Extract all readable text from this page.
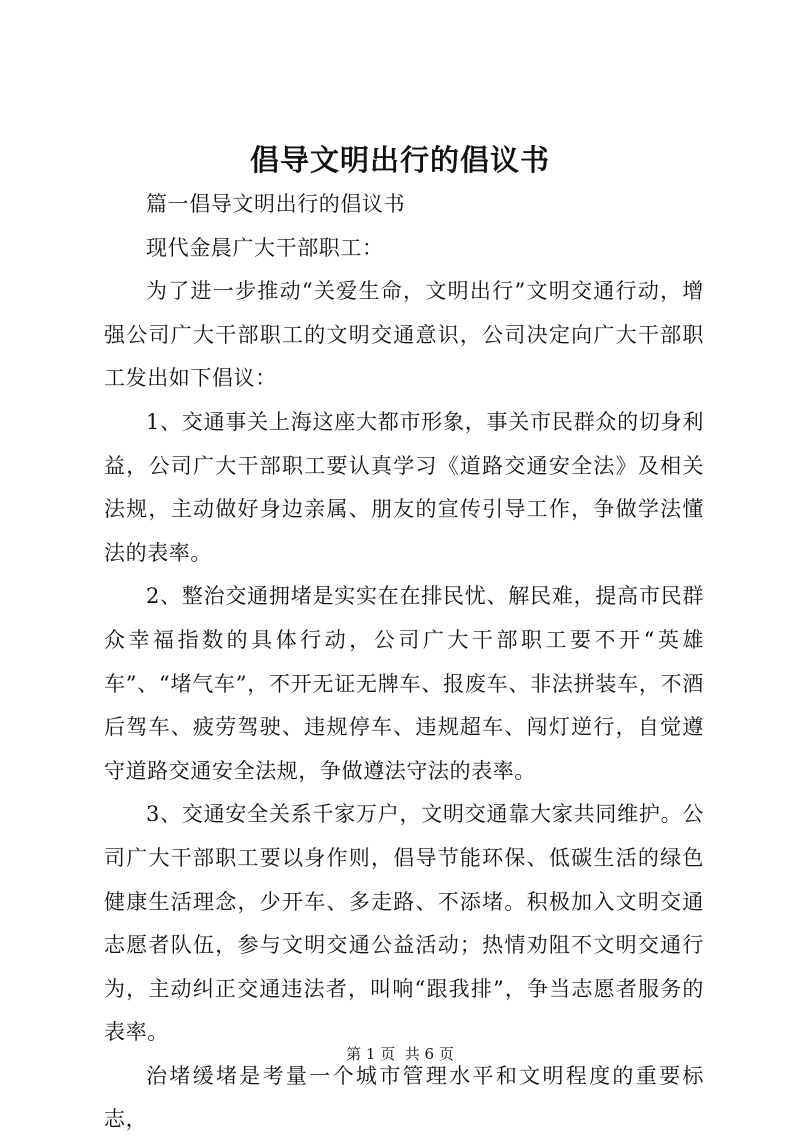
倡导文明出行的倡议书

篇一倡导文明出行的倡议书

现代金晨广大干部职工：

为了进一步推动“关爱生命，文明出行”文明交通行动，增强公司广大干部职工的文明交通意识，公司决定向广大干部职工发出如下倡议：

1、交通事关上海这座大都市形象，事关市民群众的切身利益，公司广大干部职工要认真学习《道路交通安全法》及相关法规，主动做好身边亲属、朋友的宣传引导工作，争做学法懂法的表率。

2、整治交通拥堵是实实在在排民忧、解民难，提高市民群众幸福指数的具体行动，公司广大干部职工要不开“英雄车”、“堵气车”，不开无证无牌车、报废车、非法拼装车，不酒后驾车、疲劳驾驶、违规停车、违规超车、闯灯逆行，自觉遵守道路交通安全法规，争做遵法守法的表率。

3、交通安全关系千家万户，文明交通靠大家共同维护。公司广大干部职工要以身作则，倡导节能环保、低碳生活的绿色健康生活理念，少开车、多走路、不添堵。积极加入文明交通志愿者队伍，参与文明交通公益活动；热情劝阻不文明交通行为，主动纠正交通违法者，叫响“跟我排”，争当志愿者服务的表率。

治堵缓堵是考量一个城市管理水平和文明程度的重要标志，

第 1 页  共 6 页
